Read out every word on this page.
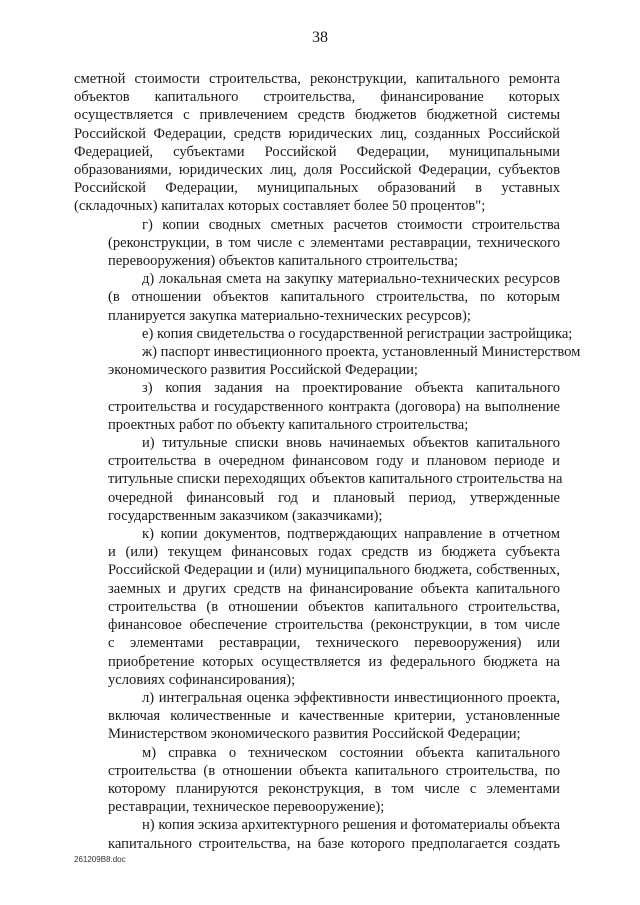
38

сметной стоимости строительства, реконструкции, капитального ремонта
объектов капитального строительства, финансирование которых
осуществляется с привлечением средств бюджетов бюджетной системы
Российской Федерации, средств юридических лиц, созданных Российской
Федерацией, субъектами Российской Федерации, муниципальными
образованиями, юридических лиц, доля Российской Федерации, субъектов
Российской Федерации, муниципальных образований в уставных
(складочных) капиталах которых составляет более 50 процентов";

г) копии сводных сметных расчетов стоимости строительства
(реконструкции, в том числе с элементами реставрации, технического
перевооружения) объектов капитального строительства;

д) локальная смета на закупку материально-технических ресурсов
(в отношении объектов капитального строительства, по которым
планируется закупка материально-технических ресурсов);

е) копия свидетельства о государственной регистрации застройщика;

ж) паспорт инвестиционного проекта, установленный Министерством
экономического развития Российской Федерации;

з) копия задания на проектирование объекта капитального
строительства и государственного контракта (договора) на выполнение
проектных работ по объекту капитального строительства;

и) титульные списки вновь начинаемых объектов капитального
строительства в очередном финансовом году и плановом периоде и
титульные списки переходящих объектов капитального строительства на
очередной финансовый год и плановый период, утвержденные
государственным заказчиком (заказчиками);

к) копии документов, подтверждающих направление в отчетном
и (или) текущем финансовых годах средств из бюджета субъекта
Российской Федерации и (или) муниципального бюджета, собственных,
заемных и других средств на финансирование объекта капитального
строительства (в отношении объектов капитального строительства,
финансовое обеспечение строительства (реконструкции, в том числе
с элементами реставрации, технического перевооружения) или
приобретение которых осуществляется из федерального бюджета на
условиях софинансирования);

л) интегральная оценка эффективности инвестиционного проекта,
включая количественные и качественные критерии, установленные
Министерством экономического развития Российской Федерации;

м) справка о техническом состоянии объекта капитального
строительства (в отношении объекта капитального строительства, по
которому планируются реконструкция, в том числе с элементами
реставрации, техническое перевооружение);

н) копия эскиза архитектурного решения и фотоматериалы объекта
капитального строительства, на базе которого предполагается создать

261209В8.doc
